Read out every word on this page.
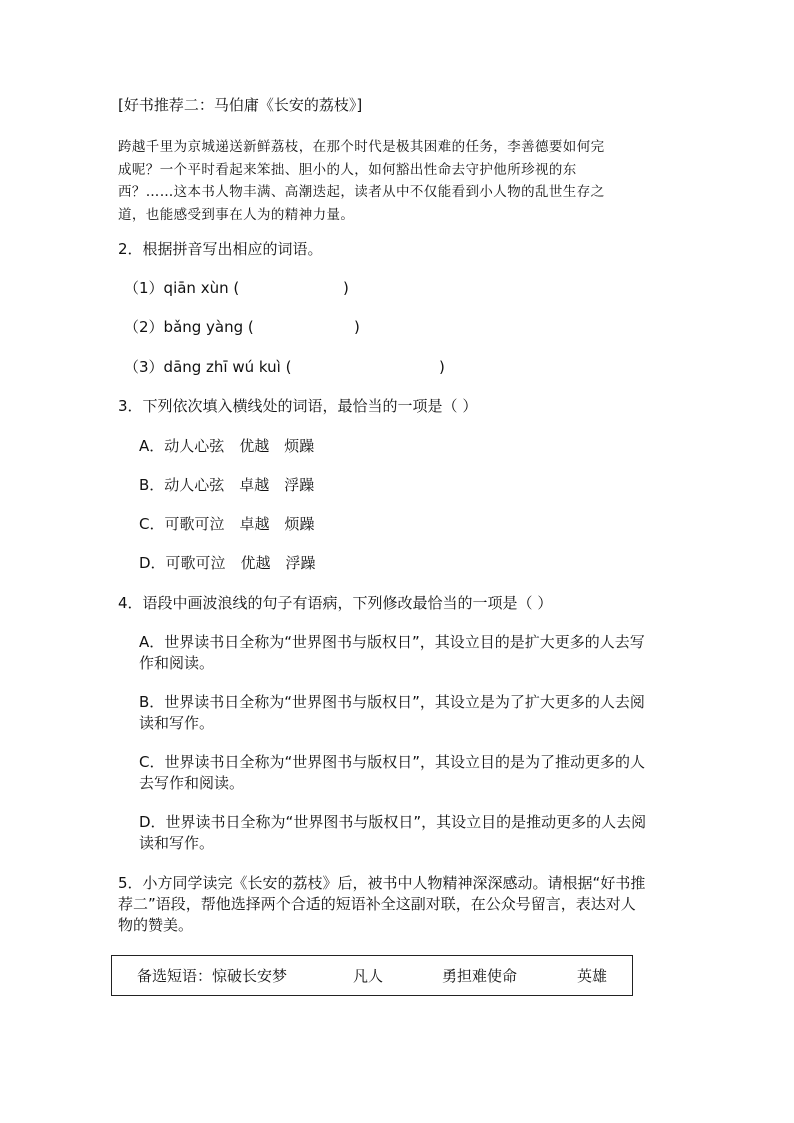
[好书推荐二：马伯庸《长安的荔枝》]
跨越千里为京城递送新鲜荔枝，在那个时代是极其困难的任务，李善德要如何完
成呢？一个平时看起来笨拙、胆小的人，如何豁出性命去守护他所珍视的东
西？……这本书人物丰满、高潮迭起，读者从中不仅能看到小人物的乱世生存之
道，也能感受到事在人为的精神力量。
2．根据拼音写出相应的词语。
（1）qiān xùn (	)
（2）bǎng yàng (	)
（3）dāng zhī wú kuì (	)
3．下列依次填入横线处的词语，最恰当的一项是（ ）
A．动人心弦　优越　烦躁
B．动人心弦　卓越　浮躁
C．可歌可泣　卓越　烦躁
D．可歌可泣　优越　浮躁
4．语段中画波浪线的句子有语病，下列修改最恰当的一项是（ ）
A．世界读书日全称为“世界图书与版权日”，其设立目的是扩大更多的人去写
作和阅读。
B．世界读书日全称为“世界图书与版权日”，其设立是为了扩大更多的人去阅
读和写作。
C．世界读书日全称为“世界图书与版权日”，其设立目的是为了推动更多的人
去写作和阅读。
D．世界读书日全称为“世界图书与版权日”，其设立目的是推动更多的人去阅
读和写作。
5．小方同学读完《长安的荔枝》后，被书中人物精神深深感动。请根据“好书推
荐二”语段，帮他选择两个合适的短语补全这副对联，在公众号留言，表达对人
物的赞美。
备选短语： 惊破长安梦	凡人	勇担难使命	英雄
